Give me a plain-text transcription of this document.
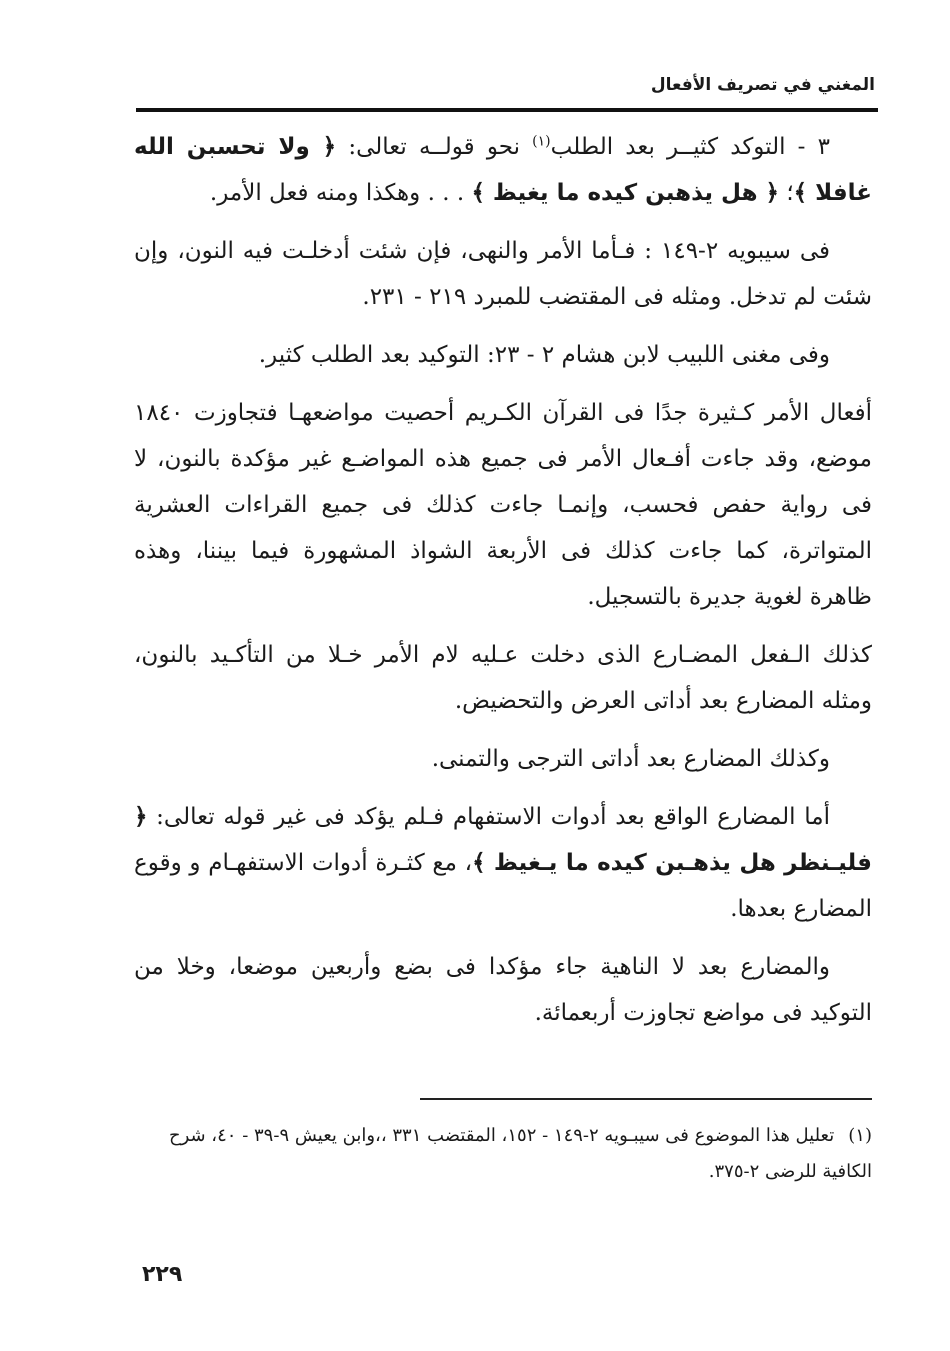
المغني في تصريف الأفعال

٣ - التوكد كثيــر بعد الطلب$^{(١)}$ نحو قولــه تعالى: ﴿ ولا تحسبن الله غافلا ﴾؛ ﴿ هل يذهبن كيده ما يغيظ ﴾ . . . وهكذا ومنه فعل الأمر.

فى سيبويه ٢-١٤٩ : فـأما الأمر والنهى، فإن شئت أدخلـت فيه النون، وإن شئت لم تدخل. ومثله فى المقتضب للمبرد ٢١٩ - ٢٣١.

وفى مغنى اللبيب لابن هشام ٢ - ٢٣: التوكيد بعد الطلب كثير.

أفعال الأمر كـثيرة جدًا فى القرآن الكـريم أحصيت مواضعهـا فتجاوزت ١٨٤٠ موضع، وقد جاءت أفـعال الأمر فى جميع هذه المواضـع غير مؤكدة بالنون، لا فى رواية حفص فحسب، وإنمـا جاءت كذلك فى جميع القراءات العشرية المتواترة، كما جاءت كذلك فى الأربعة الشواذ المشهورة فيما بيننا، وهذه ظاهرة لغوية جديرة بالتسجيل.

كذلك الـفعل المضـارع الذى دخلت عـليه لام الأمر خـلا من التأكـيد بالنون، ومثله المضارع بعد أداتى العرض والتحضيض.

وكذلك المضارع بعد أداتى الترجى والتمنى.

أما المضارع الواقع بعد أدوات الاستفهام فـلم يؤكد فى غير قوله تعالى: ﴿ فليـنظر هل يذهـبن كيده ما يـغيظ ﴾، مع كثـرة أدوات الاستفهـام و وقوع المضارع بعدها.

والمضارع بعد لا الناهية جاء مؤكدا فى بضع وأربعين موضعا، وخلا من التوكيد فى مواضع تجاوزت أربعمائة.

(١)تعليل هذا الموضوع فى سيبـويه ٢-١٤٩ - ١٥٢، المقتضب ٣٣١ ،،وابن يعيش ٩-٣٩ - ٤٠، شرح الكافية للرضى ٢-٣٧٥.
٢٢٩
